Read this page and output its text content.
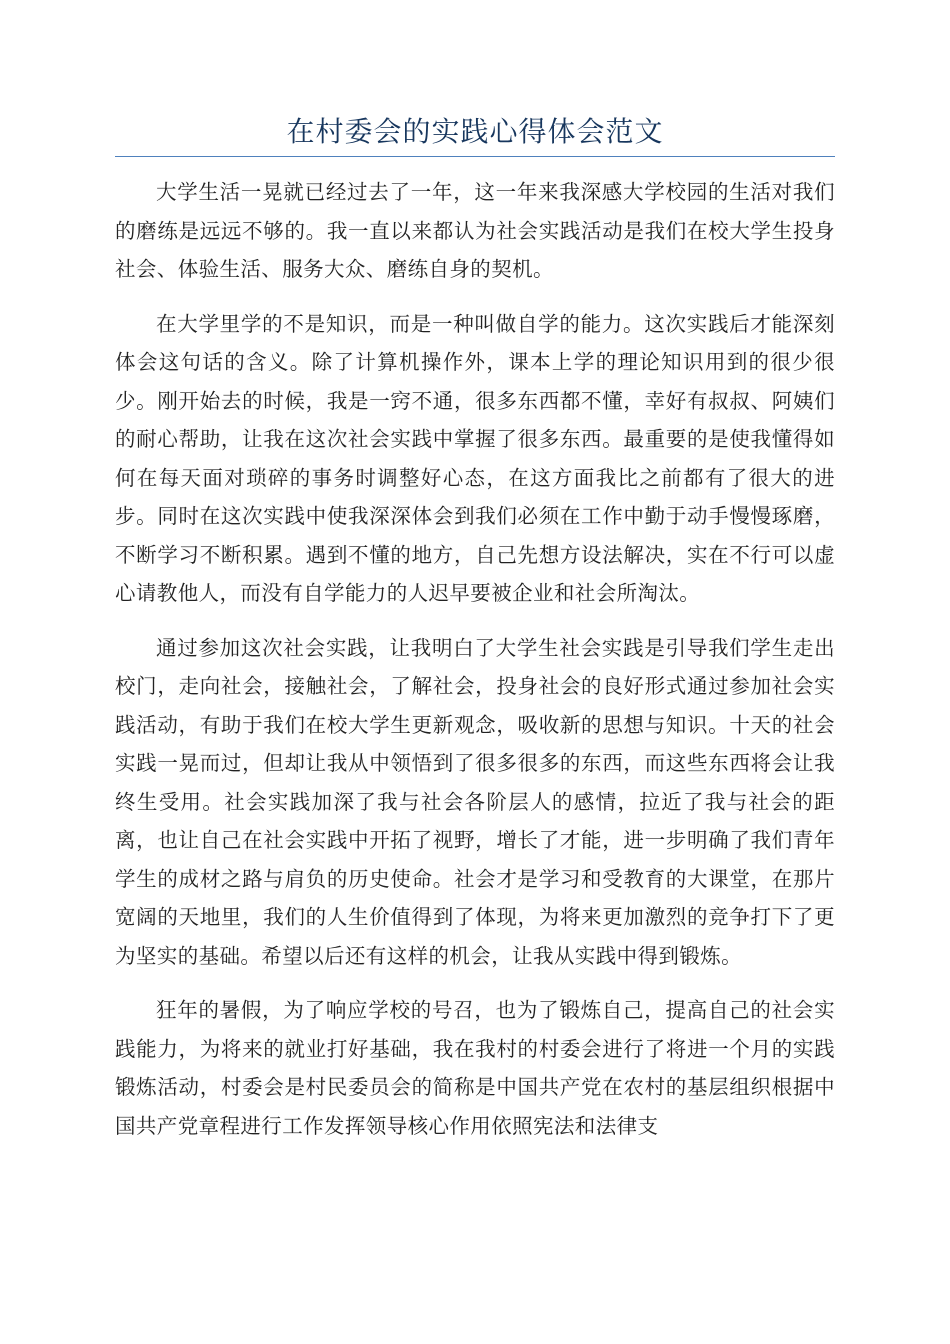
在村委会的实践心得体会范文

大学生活一晃就已经过去了一年，这一年来我深感大学校园的生活对我们的磨练是远远不够的。我一直以来都认为社会实践活动是我们在校大学生投身社会、体验生活、服务大众、磨练自身的契机。

在大学里学的不是知识，而是一种叫做自学的能力。这次实践后才能深刻体会这句话的含义。除了计算机操作外，课本上学的理论知识用到的很少很少。刚开始去的时候，我是一窍不通，很多东西都不懂，幸好有叔叔、阿姨们的耐心帮助，让我在这次社会实践中掌握了很多东西。最重要的是使我懂得如何在每天面对琐碎的事务时调整好心态，在这方面我比之前都有了很大的进步。同时在这次实践中使我深深体会到我们必须在工作中勤于动手慢慢琢磨，不断学习不断积累。遇到不懂的地方，自己先想方设法解决，实在不行可以虚心请教他人，而没有自学能力的人迟早要被企业和社会所淘汰。

通过参加这次社会实践，让我明白了大学生社会实践是引导我们学生走出校门，走向社会，接触社会，了解社会，投身社会的良好形式通过参加社会实践活动，有助于我们在校大学生更新观念，吸收新的思想与知识。十天的社会实践一晃而过，但却让我从中领悟到了很多很多的东西，而这些东西将会让我终生受用。社会实践加深了我与社会各阶层人的感情，拉近了我与社会的距离，也让自己在社会实践中开拓了视野，增长了才能，进一步明确了我们青年学生的成材之路与肩负的历史使命。社会才是学习和受教育的大课堂，在那片宽阔的天地里，我们的人生价值得到了体现，为将来更加激烈的竞争打下了更为坚实的基础。希望以后还有这样的机会，让我从实践中得到锻炼。

狂年的暑假，为了响应学校的号召，也为了锻炼自己，提高自己的社会实践能力，为将来的就业打好基础，我在我村的村委会进行了将进一个月的实践锻炼活动，村委会是村民委员会的简称是中国共产党在农村的基层组织根据中国共产党章程进行工作发挥领导核心作用依照宪法和法律支
